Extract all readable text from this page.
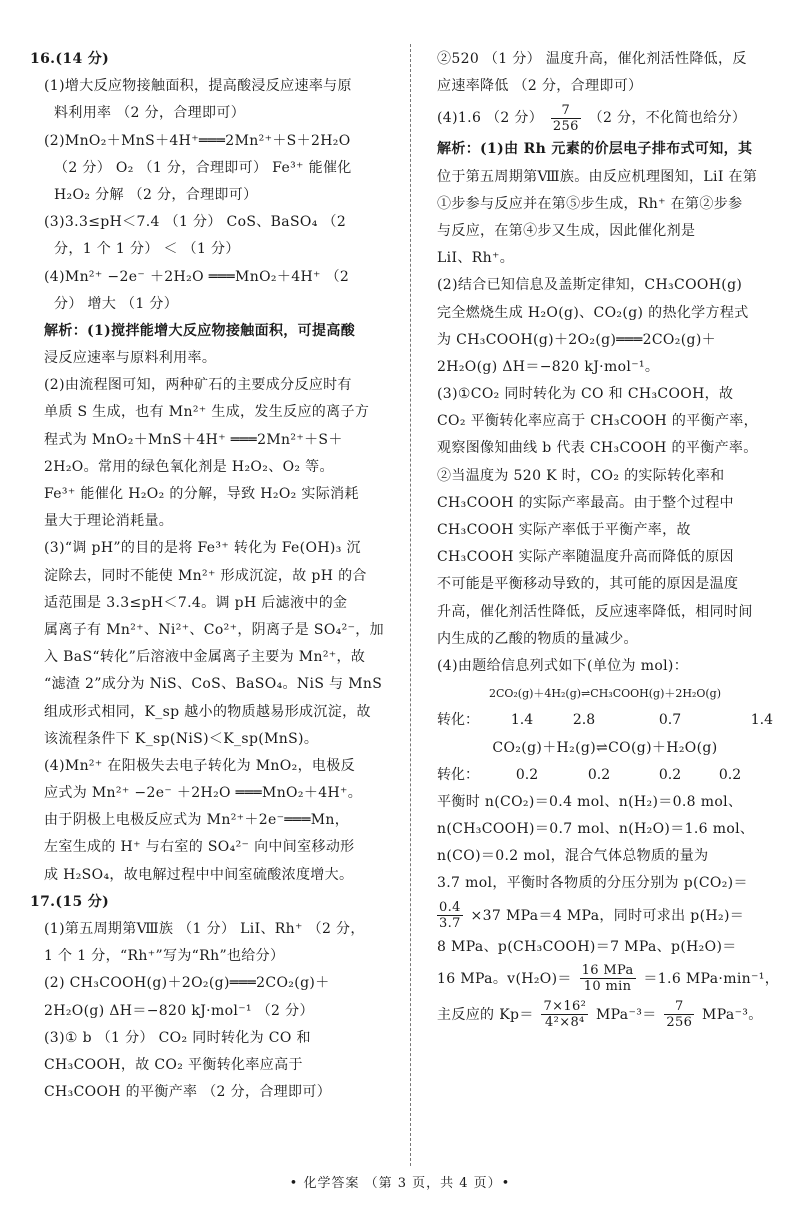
16.(14 分)
(1)增大反应物接触面积，提高酸浸反应速率与原
料利用率 （2 分，合理即可）
(2)MnO₂＋MnS＋4H⁺═══2Mn²⁺＋S＋2H₂O
（2 分） O₂ （1 分，合理即可） Fe³⁺ 能催化
H₂O₂ 分解 （2 分，合理即可）
(3)3.3≤pH＜7.4 （1 分） CoS、BaSO₄ （2
分，1 个 1 分） ＜ （1 分）
(4)Mn²⁺ −2e⁻ ＋2H₂O ═══MnO₂＋4H⁺ （2
分） 增大 （1 分）
解析：(1)搅拌能增大反应物接触面积，可提高酸
浸反应速率与原料利用率。
(2)由流程图可知，两种矿石的主要成分反应时有
单质 S 生成，也有 Mn²⁺ 生成，发生反应的离子方
程式为 MnO₂＋MnS＋4H⁺ ═══2Mn²⁺＋S＋
2H₂O。常用的绿色氧化剂是 H₂O₂、O₂ 等。
Fe³⁺ 能催化 H₂O₂ 的分解，导致 H₂O₂ 实际消耗
量大于理论消耗量。
(3)“调 pH”的目的是将 Fe³⁺ 转化为 Fe(OH)₃ 沉
淀除去，同时不能使 Mn²⁺ 形成沉淀，故 pH 的合
适范围是 3.3≤pH＜7.4。调 pH 后滤液中的金
属离子有 Mn²⁺、Ni²⁺、Co²⁺，阴离子是 SO₄²⁻，加
入 BaS“转化”后溶液中金属离子主要为 Mn²⁺，故
“滤渣 2”成分为 NiS、CoS、BaSO₄。NiS 与 MnS
组成形式相同，K_sp 越小的物质越易形成沉淀，故
该流程条件下 K_sp(NiS)＜K_sp(MnS)。
(4)Mn²⁺ 在阳极失去电子转化为 MnO₂，电极反
应式为 Mn²⁺ −2e⁻ ＋2H₂O ═══MnO₂＋4H⁺。
由于阴极上电极反应式为 Mn²⁺＋2e⁻═══Mn，
左室生成的 H⁺ 与右室的 SO₄²⁻ 向中间室移动形
成 H₂SO₄，故电解过程中中间室硫酸浓度增大。
17.(15 分)
(1)第五周期第Ⅷ族 （1 分） LiI、Rh⁺ （2 分，
1 个 1 分，“Rh⁺”写为“Rh”也给分）
(2) CH₃COOH(g)＋2O₂(g)═══2CO₂(g)＋
2H₂O(g) ΔH＝−820 kJ·mol⁻¹ （2 分）
(3)① b （1 分） CO₂ 同时转化为 CO 和
CH₃COOH，故 CO₂ 平衡转化率应高于
CH₃COOH 的平衡产率 （2 分，合理即可）
②520 （1 分） 温度升高，催化剂活性降低，反
应速率降低 （2 分，合理即可）
(4)1.6 （2 分） $\frac{7}{256} (2$ 分，不化简也给分）
解析：(1)由 Rh 元素的价层电子排布式可知，其
位于第五周期第Ⅷ族。由反应机理图知，LiI 在第
①步参与反应并在第⑤步生成，Rh⁺ 在第②步参
与反应，在第④步又生成，因此催化剂是
LiI、Rh⁺。
(2)结合已知信息及盖斯定律知，CH₃COOH(g)
完全燃烧生成 H₂O(g)、CO₂(g) 的热化学方程式
为 CH₃COOH(g)＋2O₂(g)═══2CO₂(g)＋
2H₂O(g) ΔH＝−820 kJ·mol⁻¹。
(3)①CO₂ 同时转化为 CO 和 CH₃COOH，故
CO₂ 平衡转化率应高于 CH₃COOH 的平衡产率，
观察图像知曲线 b 代表 CH₃COOH 的平衡产率。
②当温度为 520 K 时，CO₂ 的实际转化率和
CH₃COOH 的实际产率最高。由于整个过程中
CH₃COOH 实际产率低于平衡产率，故
CH₃COOH 实际产率随温度升高而降低的原因
不可能是平衡移动导致的，其可能的原因是温度
升高，催化剂活性降低，反应速率降低，相同时间
内生成的乙酸的物质的量减少。
(4)由题给信息列式如下(单位为 mol)：
2CO₂(g)＋4H₂(g)⇌CH₃COOH(g)＋2H₂O(g)
转化：	1.4	2.8	0.7	1.4
CO₂(g)＋H₂(g)⇌CO(g)＋H₂O(g)
转化：	0.2	0.2	0.2	0.2
平衡时 n(CO₂)＝0.4 mol、n(H₂)＝0.8 mol、
n(CH₃COOH)＝0.7 mol、n(H₂O)＝1.6 mol、
n(CO)＝0.2 mol，混合气体总物质的量为
3.7 mol，平衡时各物质的分压分别为 p(CO₂)＝
$\frac{0.4}{3.7} \times 37$ MPa＝4 MPa，同时可求出 p(H₂)＝
8 MPa、p(CH₃COOH)＝7 MPa、p(H₂O)＝
16 MPa。$v(H_2O)= \frac{\text{16 MPa}}{10 \min} =1.6$ MPa·min⁻¹，
主反应的 $Kp= \frac{\text{7×16²}}{\text{4²×8⁴}} MPa^{-3}= \frac{7}{256} MPa^{-3}$。
• 化学答案 （第 3 页，共 4 页）•
